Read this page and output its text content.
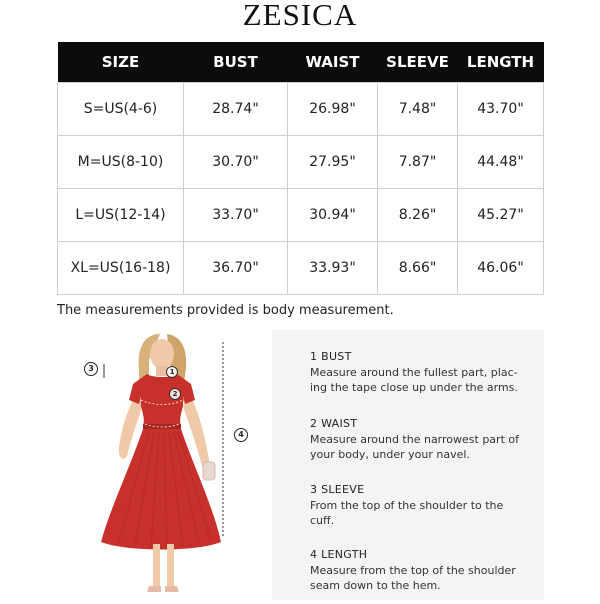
ZESICA
SIZE	BUST	WAIST	SLEEVE	LENGTH
S=US(4-6)	28.74"	26.98"	7.48"	43.70"
M=US(8-10)	30.70"	27.95"	7.87"	44.48"
L=US(12-14)	33.70"	30.94"	8.26"	45.27"
XL=US(16-18)	36.70"	33.93"	8.66"	46.06"
The measurements provided is body measurement.
1
2
3
4
1 BUST
Measure around the fullest part, plac-
ing the tape close up under the arms.
2 WAIST
Measure around the narrowest part of
your body, under your navel.
3 SLEEVE
From the top of the shoulder to the
cuff.
4 LENGTH
Measure from the top of the shoulder
seam down to the hem.
